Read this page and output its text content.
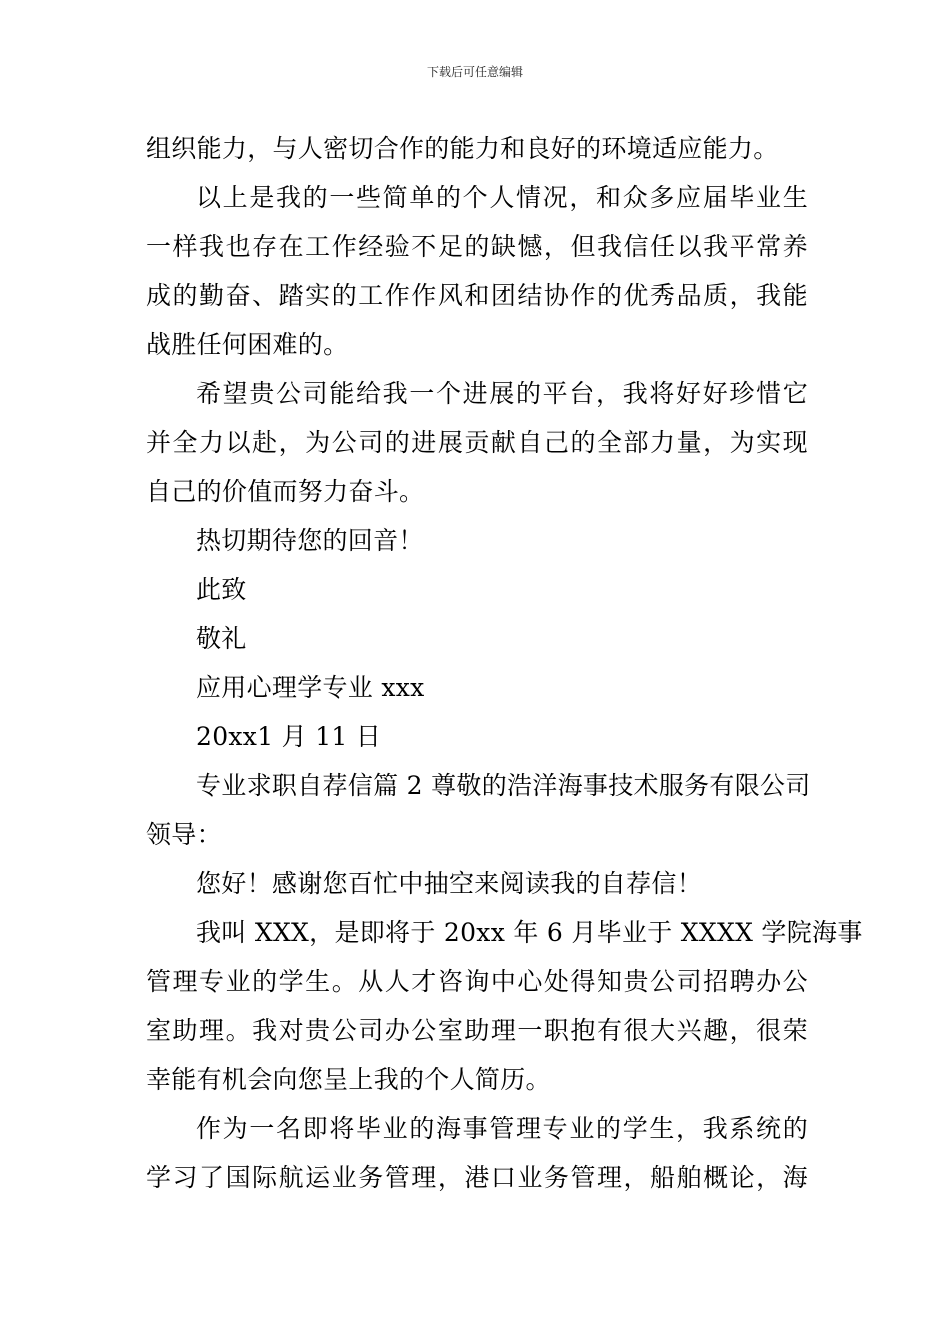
下载后可任意编辑
组织能力，与人密切合作的能力和良好的环境适应能力。
以上是我的一些简单的个人情况，和众多应届毕业生
一样我也存在工作经验不足的缺憾，但我信任以我平常养
成的勤奋、踏实的工作作风和团结协作的优秀品质，我能
战胜任何困难的。
希望贵公司能给我一个进展的平台，我将好好珍惜它
并全力以赴，为公司的进展贡献自己的全部力量，为实现
自己的价值而努力奋斗。
热切期待您的回音！
此致
敬礼
应用心理学专业 xxx
20xx1 月 11 日
专业求职自荐信篇 2 尊敬的浩洋海事技术服务有限公司
领导：
您好！感谢您百忙中抽空来阅读我的自荐信！
我叫 XXX，是即将于 20xx 年 6 月毕业于 XXXX 学院海事
管理专业的学生。从人才咨询中心处得知贵公司招聘办公
室助理。我对贵公司办公室助理一职抱有很大兴趣，很荣
幸能有机会向您呈上我的个人简历。
作为一名即将毕业的海事管理专业的学生，我系统的
学习了国际航运业务管理，港口业务管理，船舶概论，海
